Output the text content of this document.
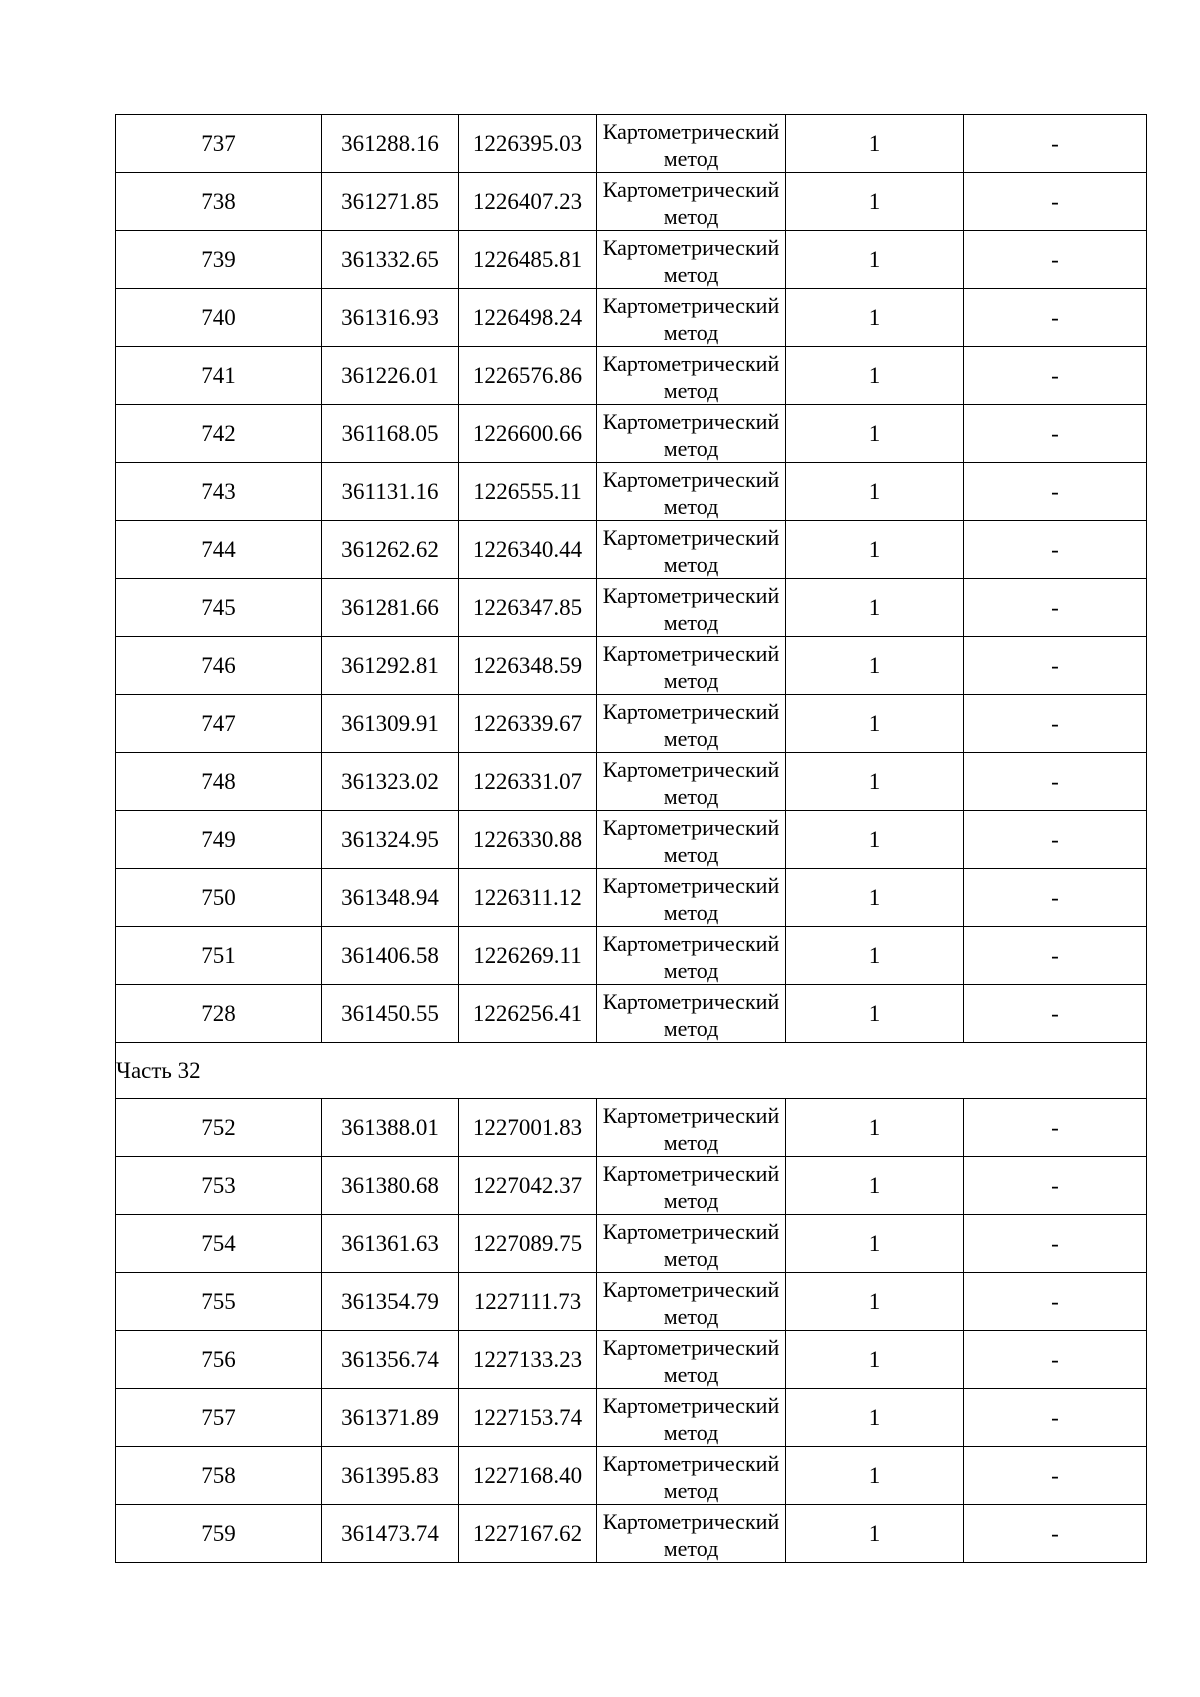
737	361288.16	1226395.03	Картометрический метод	1	-
738	361271.85	1226407.23	Картометрический метод	1	-
739	361332.65	1226485.81	Картометрический метод	1	-
740	361316.93	1226498.24	Картометрический метод	1	-
741	361226.01	1226576.86	Картометрический метод	1	-
742	361168.05	1226600.66	Картометрический метод	1	-
743	361131.16	1226555.11	Картометрический метод	1	-
744	361262.62	1226340.44	Картометрический метод	1	-
745	361281.66	1226347.85	Картометрический метод	1	-
746	361292.81	1226348.59	Картометрический метод	1	-
747	361309.91	1226339.67	Картометрический метод	1	-
748	361323.02	1226331.07	Картометрический метод	1	-
749	361324.95	1226330.88	Картометрический метод	1	-
750	361348.94	1226311.12	Картометрический метод	1	-
751	361406.58	1226269.11	Картометрический метод	1	-
728	361450.55	1226256.41	Картометрический метод	1	-
Часть 32					
752	361388.01	1227001.83	Картометрический метод	1	-
753	361380.68	1227042.37	Картометрический метод	1	-
754	361361.63	1227089.75	Картометрический метод	1	-
755	361354.79	1227111.73	Картометрический метод	1	-
756	361356.74	1227133.23	Картометрический метод	1	-
757	361371.89	1227153.74	Картометрический метод	1	-
758	361395.83	1227168.40	Картометрический метод	1	-
759	361473.74	1227167.62	Картометрический метод	1	-
